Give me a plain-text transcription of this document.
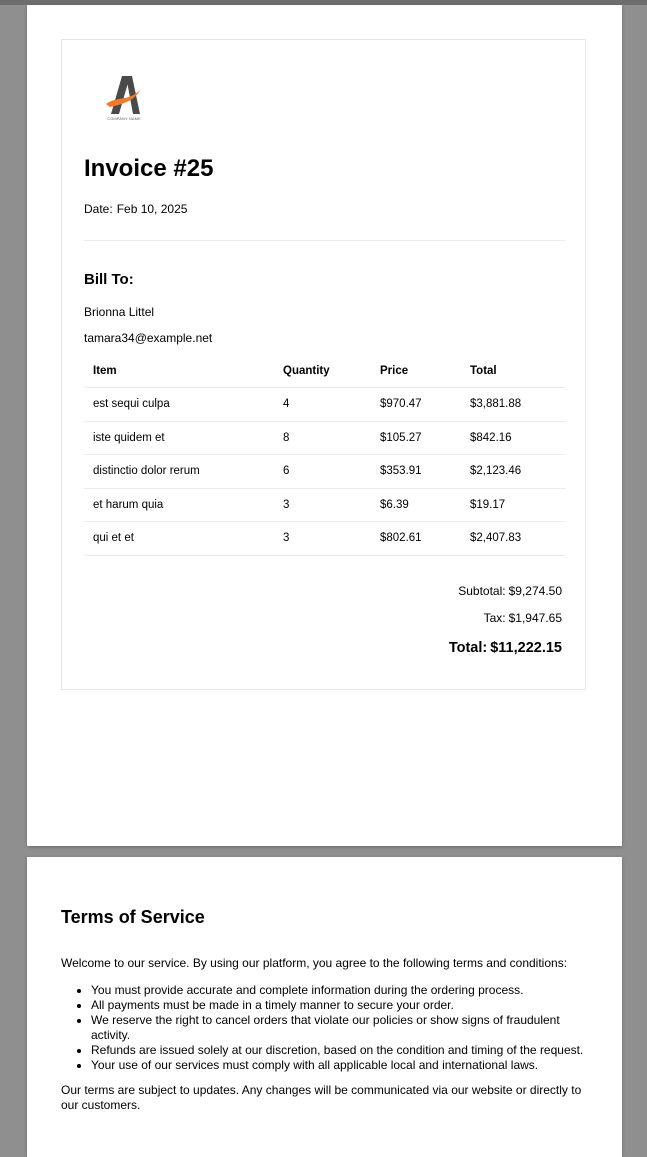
COMPANY NAME
Invoice #25
Date: Feb 10, 2025
Bill To:
Brionna Littel
tamara34@example.net
Item	Quantity	Price	Total
est sequi culpa	4	$970.47	$3,881.88
iste quidem et	8	$105.27	$842.16
distinctio dolor rerum	6	$353.91	$2,123.46
et harum quia	3	$6.39	$19.17
qui et et	3	$802.61	$2,407.83
Subtotal: $9,274.50
Tax: $1,947.65
Total: $11,222.15
Terms of Service

Welcome to our service. By using our platform, you agree to the following terms and conditions:

• You must provide accurate and complete information during the ordering process.
• All payments must be made in a timely manner to secure your order.
• We reserve the right to cancel orders that violate our policies or show signs of fraudulent activity.
• Refunds are issued solely at our discretion, based on the condition and timing of the request.
• Your use of our services must comply with all applicable local and international laws.

Our terms are subject to updates. Any changes will be communicated via our website or directly to our customers.
